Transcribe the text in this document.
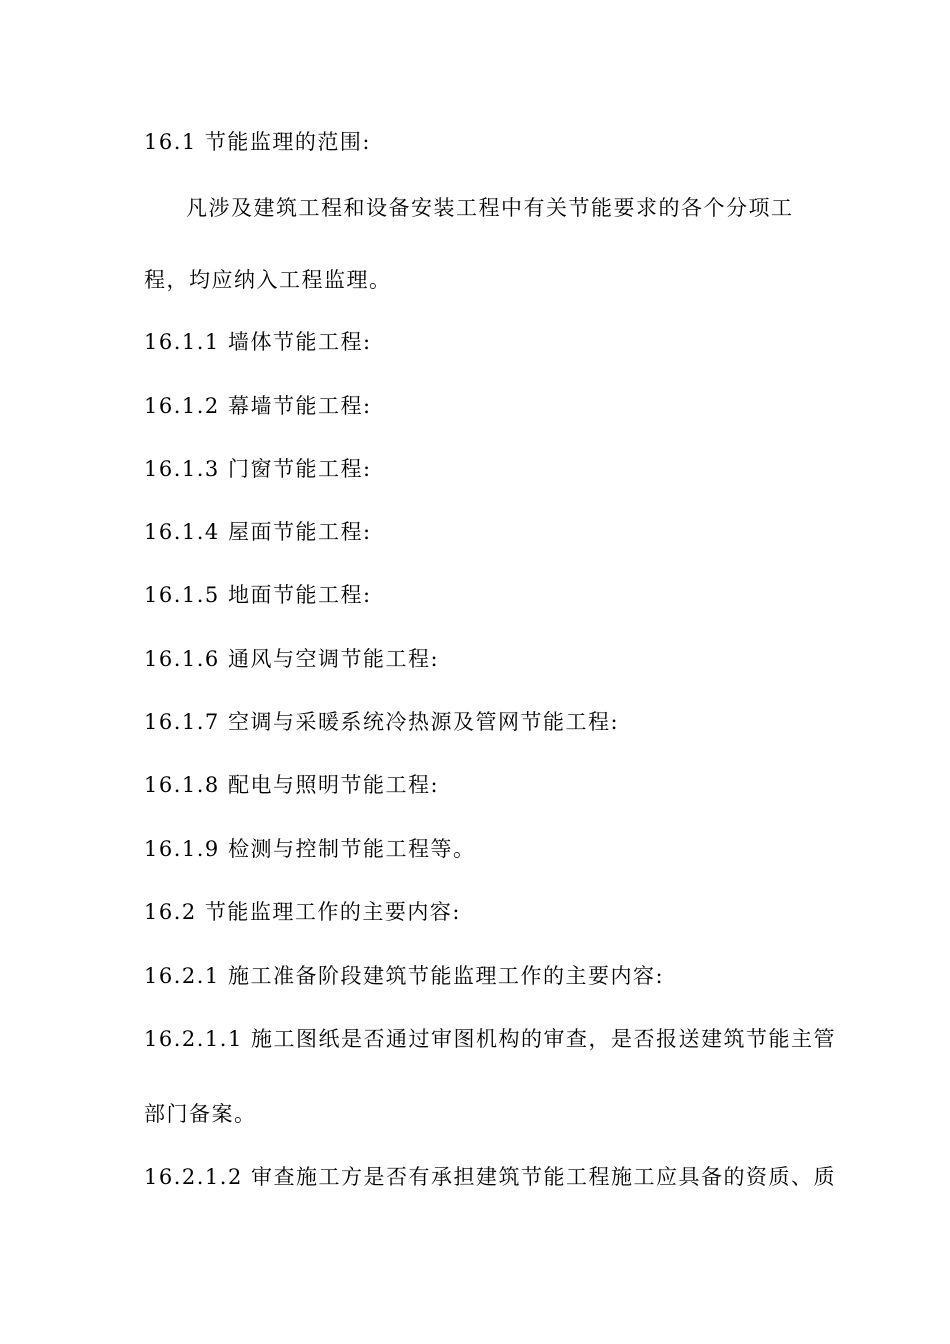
16.1 节能监理的范围:
凡涉及建筑工程和设备安装工程中有关节能要求的各个分项工
程，均应纳入工程监理。
16.1.1 墙体节能工程:
16.1.2 幕墙节能工程:
16.1.3 门窗节能工程:
16.1.4 屋面节能工程:
16.1.5 地面节能工程:
16.1.6 通风与空调节能工程:
16.1.7 空调与采暖系统冷热源及管网节能工程:
16.1.8 配电与照明节能工程:
16.1.9 检测与控制节能工程等。
16.2 节能监理工作的主要内容:
16.2.1 施工准备阶段建筑节能监理工作的主要内容:
16.2.1.1 施工图纸是否通过审图机构的审查，是否报送建筑节能主管
部门备案。
16.2.1.2 审查施工方是否有承担建筑节能工程施工应具备的资质、质
